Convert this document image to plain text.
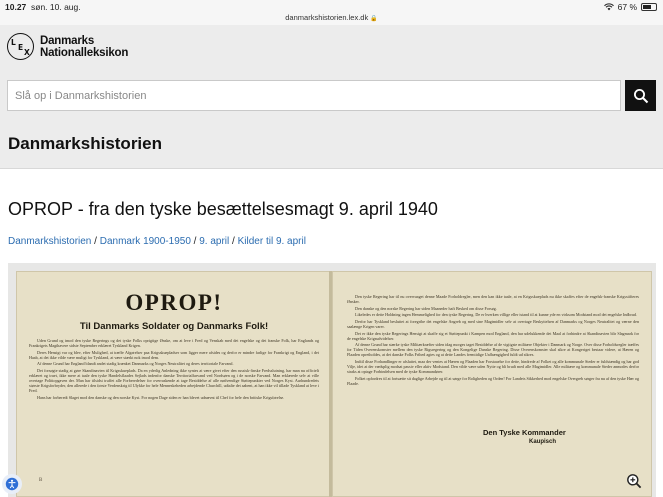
10.27 søn. 10. aug.
danmarkshistorien.lex.dk 🔒
67 %
L
E
X
Danmarks
Nationalleksikon
Slå op i Danmarkshistorien
Danmarkshistorien
OPROP - fra den tyske besættelsesmagt 9. april 1940
Danmarkshistorien / Danmark 1900-1950 / 9. april / Kilder til 9. april
OPROP!
Til Danmarks Soldater og Danmarks Folk!

Uden Grund og imod den tyske Regerings og det tyske Folks oprigtige Ønske, om at leve i Fred og Venskab med det engelske og det franske Folk, har Englands og Frankrigets Magthavere sidste September erklæret Tyskland Krigen.

Deres Hensigt var og blev, efter Mulighed, at træffe Afgørelser paa Krigsskuepladser som ligger mere afsides og derfor er mindre farlige for Frankrigt og England, i det Haab, at det ikke vilde være muligt for Tyskland, at være stærkt nok imod dem.

Af denne Grund har England blandt andet stadig krænket Danmarks og Norges Neutralitet og deres territoriale Farvand.

Det forsøgte stadig at gøre Skandinavien til Krigsskueplads. Da en yderlig Anledning ikke syntes at være givet efter den russisk-finske Fredsslutning, har man nu officielt erklæret og truet, ikke mere at taale den tyske Handelsflaades Sejlads indenfor danske Territorialfarvand ved Nordsøen og i de norske Farvand. Man erklærede selv at ville overtage Politiopgaven der. Man har tilsidst truffet alle Forberedelser for overraskende at tage Besiddelse af alle nødvendige Støttepunkter ved Norges Kyst. Aarhundredets største Krigsforbryder, den allerede i den første Verdenskrig til Ulykke for hele Menneskeheden arbejdende Churchill, udtalte det aabent, at han ikke vil tillade Tyskland at leve i Fred.

Hans har forberedt Slaget mod den danske og den norske Kyst. For nogen Dage siden er han blevet udnævnt til Chef for hele den britiske Krigsførelse.

B

Den tyske Regering har til nu overvaaget denne Maade Forholdregler, men den kan ikke taale, at en Krigsskueplads nu ikke skaffes efter de engelsk-franske Krigsstifteres Ønsker.

Den danske og den norske Regering har siden Maaneder haft Besked om disse Forsøg.

Likeledes er dette Holdning ingen Hemmelighed for den tyske Regering. De er hverken villige eller istand til at kunne yde en virksom Modstand mod det engelske Indbrud.

Derfor har Tyskland besluttet at foregribe det engelske Angreb og med sine Magtmidler selv at overtage Beskyttelsen af Danmarks og Norges Neutralitet og værne den saalænge Krigen varer.

Det er ikke den tyske Regerings Hensigt at skaffe sig et Støttepunkt i Kampen mod England, den har udelukkende det Maal at forhindre at Skandinavien blir Slagmark for de engelske Krigsudvidelser.

Af denne Grund har stærke tyske Militærkræfter siden idag morges taget Besiddelse af de vigtigste militære Objekter i Danmark og Norge. Over disse Forholdsregler træffes for Tiden Overenskomster mellem den tyske Rigsregering og den Kongelige Danske Regering. Disse Overenskomster skal sikre at Kongeriget bestaar videre, at Hæren og Flaaden opretholdes, at det danske Folks Frihed agtes og at dette Landes fremtidige Uafhængighed fuldt ud sikres.

Indtil disse Forhandlinger er afsluttet, maa der ventes at Hæren og Flaaden har Forstaaelse for dette, hindrede af Folket og alle kommunale Steder er fuldstændig og har god Vilje, idet at der vædsplig modsat passiv eller aktiv Modstand. Den vilde være uden Nytte og bli brudt med alle Magtmidler. Alle militære og kommunale Steder anmodes derfor straks at optage Forbindelsen med de tyske Kommandører.

Folket opfordres til at fortsætte sit daglige Arbejde og til at sørge for Roligheden og Orden! For Landets Sikkerhed mod engelske Overgreb sørger fra nu af den tyske Hær og Flaade.

Den Tyske Kommander
Kaupisch
